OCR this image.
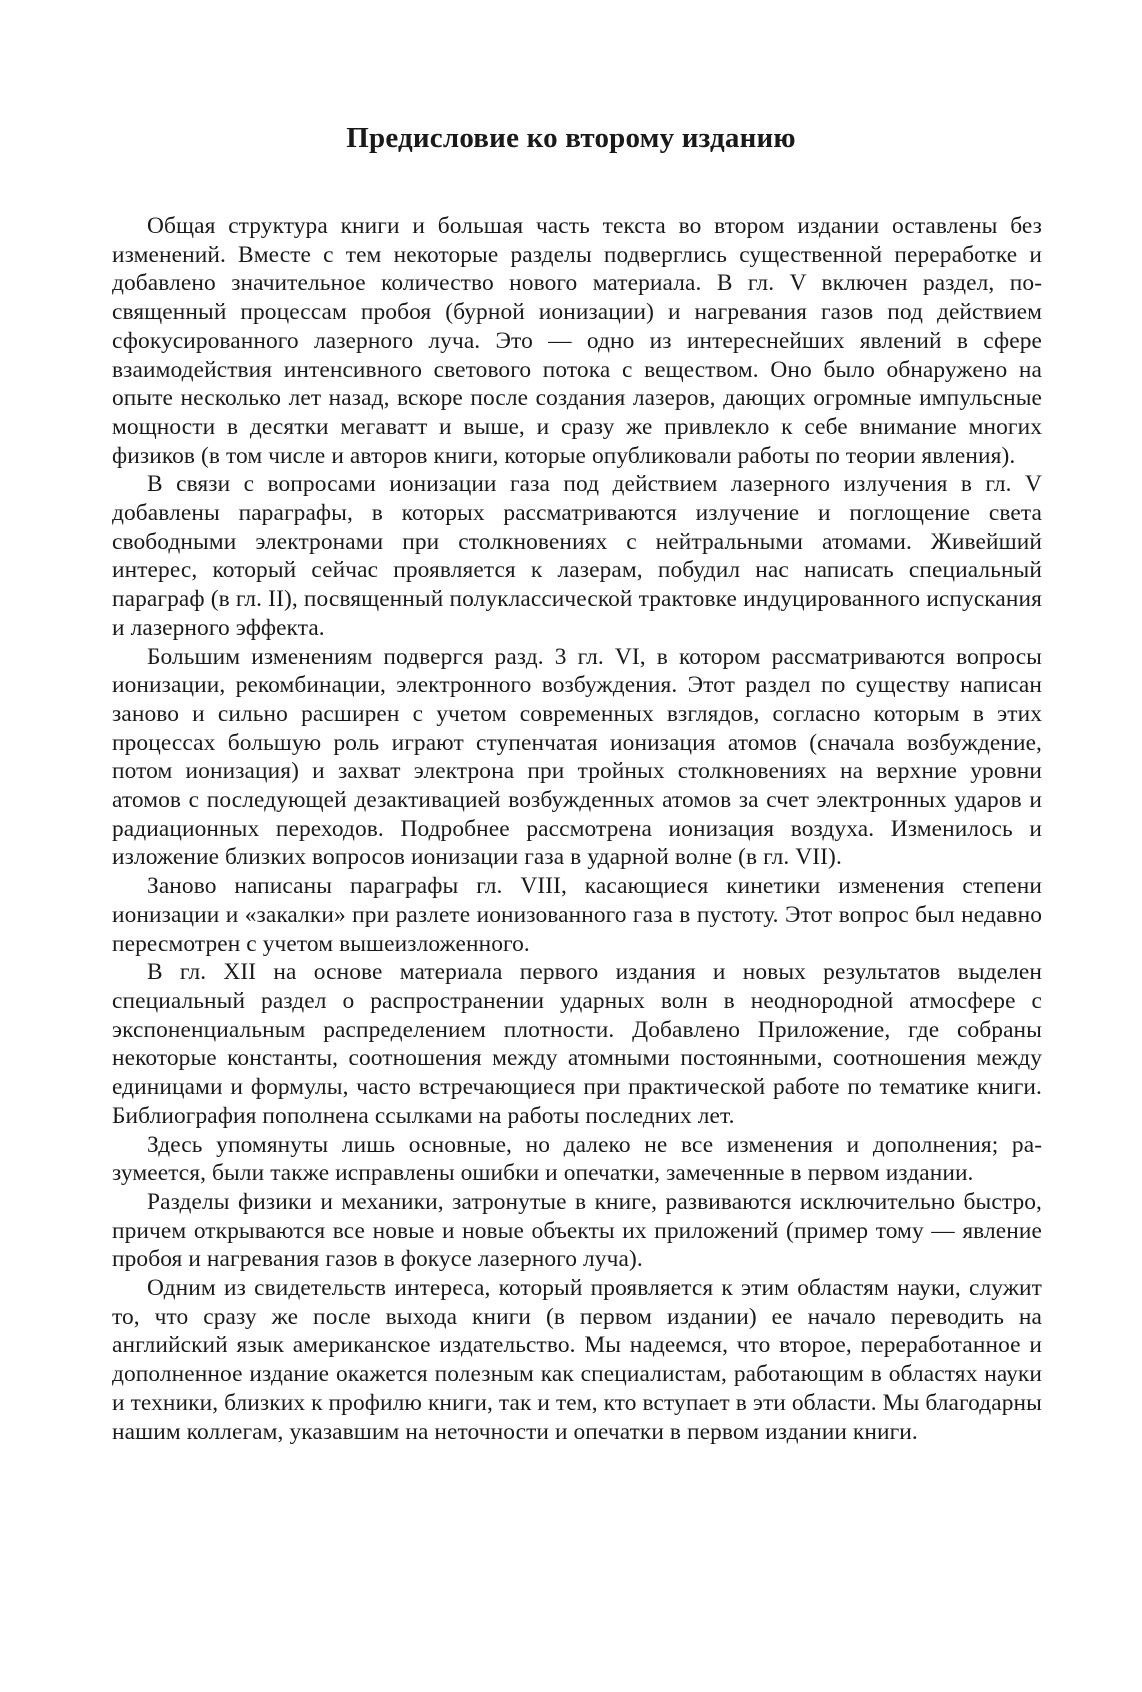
Предисловие ко второму изданию

Общая структура книги и большая часть текста во втором издании оставлены без изменений. Вместе с тем некоторые разделы подверглись существенной переработке и добавлено значительное количество нового материала. В гл. V включен раздел, посвященный процессам пробоя (бурной ионизации) и нагревания газов под действием сфокусированного лазерного луча. Это — одно из интереснейших явлений в сфере взаимодействия интенсивного светового потока с веществом. Оно было обнаружено на опыте несколько лет назад, вскоре после создания лазеров, дающих огромные импульсные мощности в десятки мегаватт и выше, и сразу же привлекло к себе внимание многих физиков (в том числе и авторов книги, которые опубликовали работы по теории явления).

В связи с вопросами ионизации газа под действием лазерного излучения в гл. V добавлены параграфы, в которых рассматриваются излучение и поглощение света свободными электронами при столкновениях с нейтральными атомами. Живейший интерес, который сейчас проявляется к лазерам, побудил нас написать специальный параграф (в гл. II), посвященный полуклассической трактовке индуцированного испускания и лазерного эффекта.

Большим изменениям подвергся разд. 3 гл. VI, в котором рассматриваются вопросы ионизации, рекомбинации, электронного возбуждения. Этот раздел по существу написан заново и сильно расширен с учетом современных взглядов, согласно которым в этих процессах большую роль играют ступенчатая ионизация атомов (сначала возбуждение, потом ионизация) и захват электрона при тройных столкновениях на верхние уровни атомов с последующей дезактивацией возбужденных атомов за счет электронных ударов и радиационных переходов. Подробнее рассмотрена ионизация воздуха. Изменилось и изложение близких вопросов ионизации газа в ударной волне (в гл. VII).

Заново написаны параграфы гл. VIII, касающиеся кинетики изменения степени ионизации и «закалки» при разлете ионизованного газа в пустоту. Этот вопрос был недавно пересмотрен с учетом вышеизложенного.

В гл. XII на основе материала первого издания и новых результатов выделен специальный раздел о распространении ударных волн в неоднородной атмосфере с экспоненциальным распределением плотности. Добавлено Приложение, где собраны некоторые константы, соотношения между атомными постоянными, соотношения между единицами и формулы, часто встречающиеся при практической работе по тематике книги. Библиография пополнена ссылками на работы последних лет.

Здесь упомянуты лишь основные, но далеко не все изменения и дополнения; разумеется, были также исправлены ошибки и опечатки, замеченные в первом издании.

Разделы физики и механики, затронутые в книге, развиваются исключительно быстро, причем открываются все новые и новые объекты их приложений (пример тому — явление пробоя и нагревания газов в фокусе лазерного луча).

Одним из свидетельств интереса, который проявляется к этим областям науки, служит то, что сразу же после выхода книги (в первом издании) ее начало переводить на английский язык американское издательство. Мы надеемся, что второе, переработанное и дополненное издание окажется полезным как специалистам, работающим в областях науки и техники, близких к профилю книги, так и тем, кто вступает в эти области. Мы благодарны нашим коллегам, указавшим на неточности и опечатки в первом издании книги.
